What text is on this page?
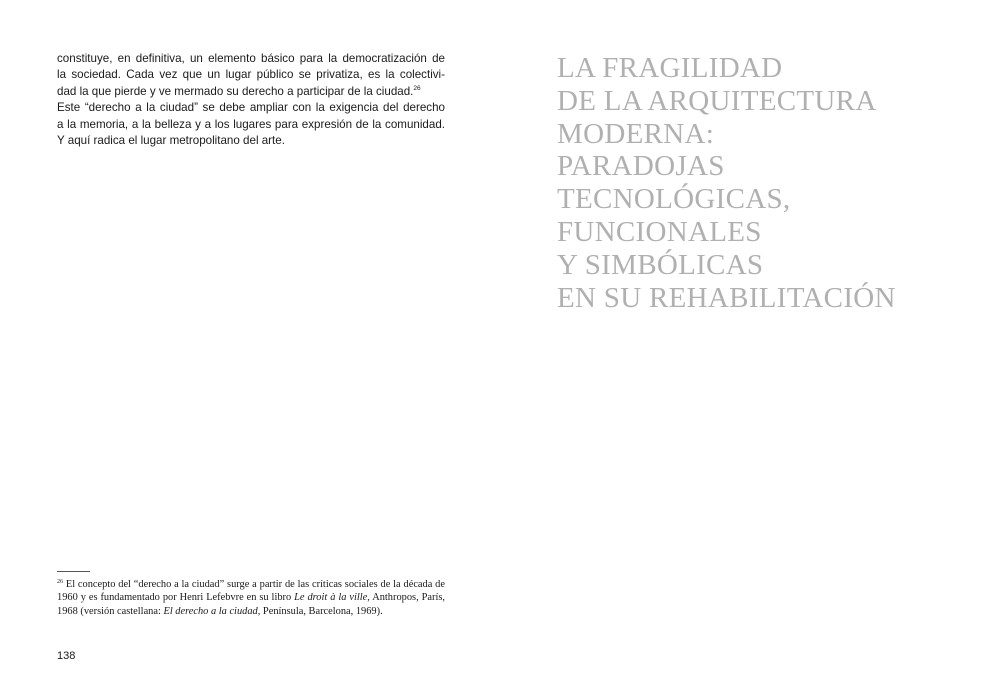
constituye, en definitiva, un elemento básico para la democratización de
la sociedad. Cada vez que un lugar público se privatiza, es la colectivi-
dad la que pierde y ve mermado su derecho a participar de la ciudad.$^{26}$
Este “derecho a la ciudad” se debe ampliar con la exigencia del derecho
a la memoria, a la belleza y a los lugares para expresión de la comunidad.
Y aquí radica el lugar metropolitano del arte.
$^{26}$ El concepto del “derecho a la ciudad” surge a partir de las críticas sociales de la década de
1960 y es fundamentado por Henri Lefebvre en su libro Le droit à la ville, Anthropos, París,
1968 (versión castellana: El derecho a la ciudad, Península, Barcelona, 1969).
138
LA FRAGILIDAD
DE LA ARQUITECTURA
MODERNA:
PARADOJAS
TECNOLÓGICAS,
FUNCIONALES
Y SIMBÓLICAS
EN SU REHABILITACIÓN
